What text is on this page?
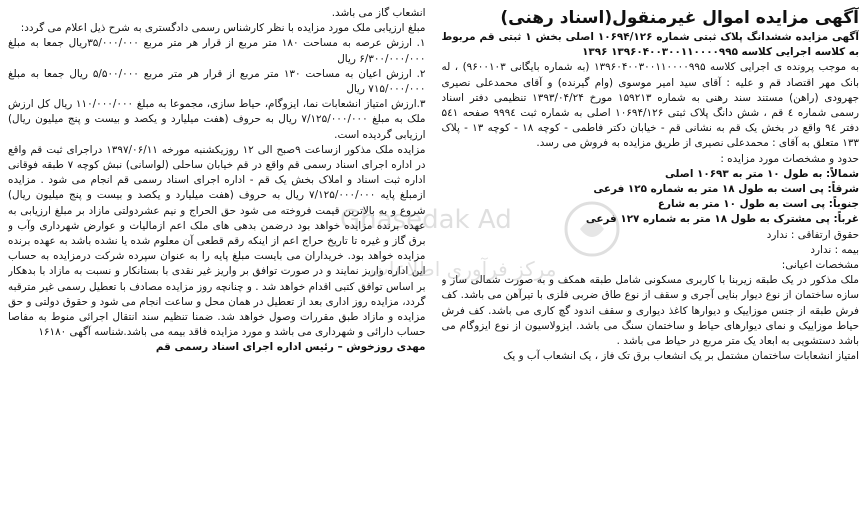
آگهی مزایده اموال غیرمنقول(اسناد رهنی)

آگهی مزایده ششدانگ پلاک ثبتی شماره ۱۰۶۹۴/۱۲۶ اصلی بخش ۱ ثبتی قم مربوط به کلاسه اجرایی کلاسه ۹۹۵‏۱۳۹۶۰۴۰۰۳۰۰۱۱۰۰۰۰ ۱۳۹۶

به موجب پرونده ی اجرایی کلاسه ۱۳۹۶۰۴۰۰۳۰۰۱۱۰۰۰۰۹۹۵ (به شماره بایگانی ۹۶۰۰۱۰۳) ، له بانک مهر اقتصاد قم و علیه : آقای سید امیر موسوی (وام گیرنده) و آقای محمدعلی نصیری جهرودی (راهن) مستند سند رهنی به شماره ۱۵۹۲۱۳ مورخ ۱۳۹۳/۰۴/۲۴ تنظیمی دفتر اسناد رسمی شماره ٤ قم ، شش دانگ پلاک ثبتی ۱۰۶۹۴/۱۲۶ اصلی به شماره ثبت ۹۹۹٤ صفحه ۵٤۱ دفتر ۹٤ واقع در بخش یک قم به نشانی قم - خیابان دکتر فاطمی - کوچه ۱۸ - کوچه ۱۳ - پلاک ۱۳۳ متعلق به آقای : محمدعلی نصیری از طریق مزایده به فروش می رسد.

حدود و مشخصات مورد مزایده :

شمالاً: به طول ۱۰ متر به ۱۰۶۹۳ اصلی

شرقاً: پی است به طول ۱۸ متر به شماره ۱۲۵ فرعی

جنوباً: پی است به طول ۱۰ متر به شارع

غرباً: پی مشترک به طول ۱۸ متر به شماره ۱۲۷ فرعی

حقوق ارتفاقی : ندارد

بیمه : ندارد

مشخصات اعیانی:

ملک مذکور در یک طبقه زیربنا با کاربری مسکونی شامل طبقه همکف و به صورت شمالی ساز و سازه ساختمان از نوع دیوار بنایی آجری و سقف از نوع طاق ضربی فلزی با تیرآهن می باشد. کف فرش طبقه از جنس موزاییک و دیوارها کاغذ دیواری و سقف اندود گچ کاری می باشد. کف فرش حیاط موزاییک و نمای دیوارهای حیاط و ساختمان سنگ می باشد. ایزولاسیون از نوع ایزوگام می باشد دستشویی به ابعاد یک متر مربع در حیاط می باشد .

امتیاز انشعابات ساختمان مشتمل بر یک انشعاب برق تک فاز ، یک انشعاب آب و یک

انشعاب گاز می باشد.

مبلغ ارزیابی ملک مورد مزایده با نظر کارشناس رسمی دادگستری به شرح ذیل اعلام می گردد:

۱. ارزش عرصه به مساحت ۱۸۰ متر مربع از قرار هر متر مربع ۳۵/۰۰۰/۰۰۰ریال جمعا به مبلغ ۶/۳۰۰/۰۰۰/۰۰۰ ریال

۲. ارزش اعیان به مساحت ۱۳۰ متر مربع از قرار هر متر مربع ۵/۵۰۰/۰۰۰ ریال جمعا به مبلغ ۷۱۵/۰۰۰/۰۰۰ ریال

۳.ارزش امتیاز انشعابات نما، ایزوگام، حیاط سازی، مجموعا به مبلغ ۱۱۰/۰۰۰/۰۰۰ ریال کل ارزش ملک به مبلغ ۷/۱۲۵/۰۰۰/۰۰۰ ریال به حروف (هفت میلیارد و یکصد و بیست و پنج میلیون ریال) ارزیابی گردیده است.

مزایده ملک مذکور ازساعت ۹صبح الی ۱۲ روزیکشنبه مورخه ۱۳۹۷/۰۶/۱۱ دراجرای ثبت قم واقع در اداره اجرای اسناد رسمی قم واقع در قم خیابان ساحلی (لواسانی) نبش کوچه ۷ طبقه فوقانی اداره ثبت اسناد و املاک بخش یک قم - اداره اجرای اسناد رسمی قم انجام می شود . مزایده ازمبلغ پایه ۷/۱۲۵/۰۰۰/۰۰۰ ریال به حروف (هفت میلیارد و یکصد و بیست و پنج میلیون ریال) شروع و به بالاترین قیمت فروخته می شود حق الحراج و نیم عشردولتی مازاد بر مبلغ ارزیابی به عهده برنده مزایده خواهد بود درضمن بدهی های ملک اعم ازمالیات و عوارض شهرداری وآب و برق گاز و غیره تا تاریخ حراج اعم از اینکه رقم قطعی آن معلوم شده یا نشده باشد به عهده برنده مزایده خواهد بود. خریداران می بایست مبلغ پایه را به عنوان سپرده شرکت درمزایده به حساب این اداره واریز نمایند و در صورت توافق بر واریز غیر نقدی با بستانکار و نسبت به مازاد با بدهکار بر اساس توافق کتبی اقدام خواهد شد . و چنانچه روز مزایده مصادف با تعطیل رسمی غیر مترقبه گردد، مزایده روز اداری بعد از تعطیل در همان محل و ساعت انجام می شود و حقوق دولتی و حق مزایده و مازاد طبق مقررات وصول خواهد شد. ضمنا تنظیم سند انتقال اجرائی منوط به مفاصا حساب دارائی و شهرداری می باشد و مورد مزایده فاقد بیمه می باشد.شناسه آگهی ۱۶۱۸۰

مهدی روزخوش – رئیس اداره اجرای اسناد رسمی قم

Ghasedak Ad
مرکز فرآوری اطلاعات
